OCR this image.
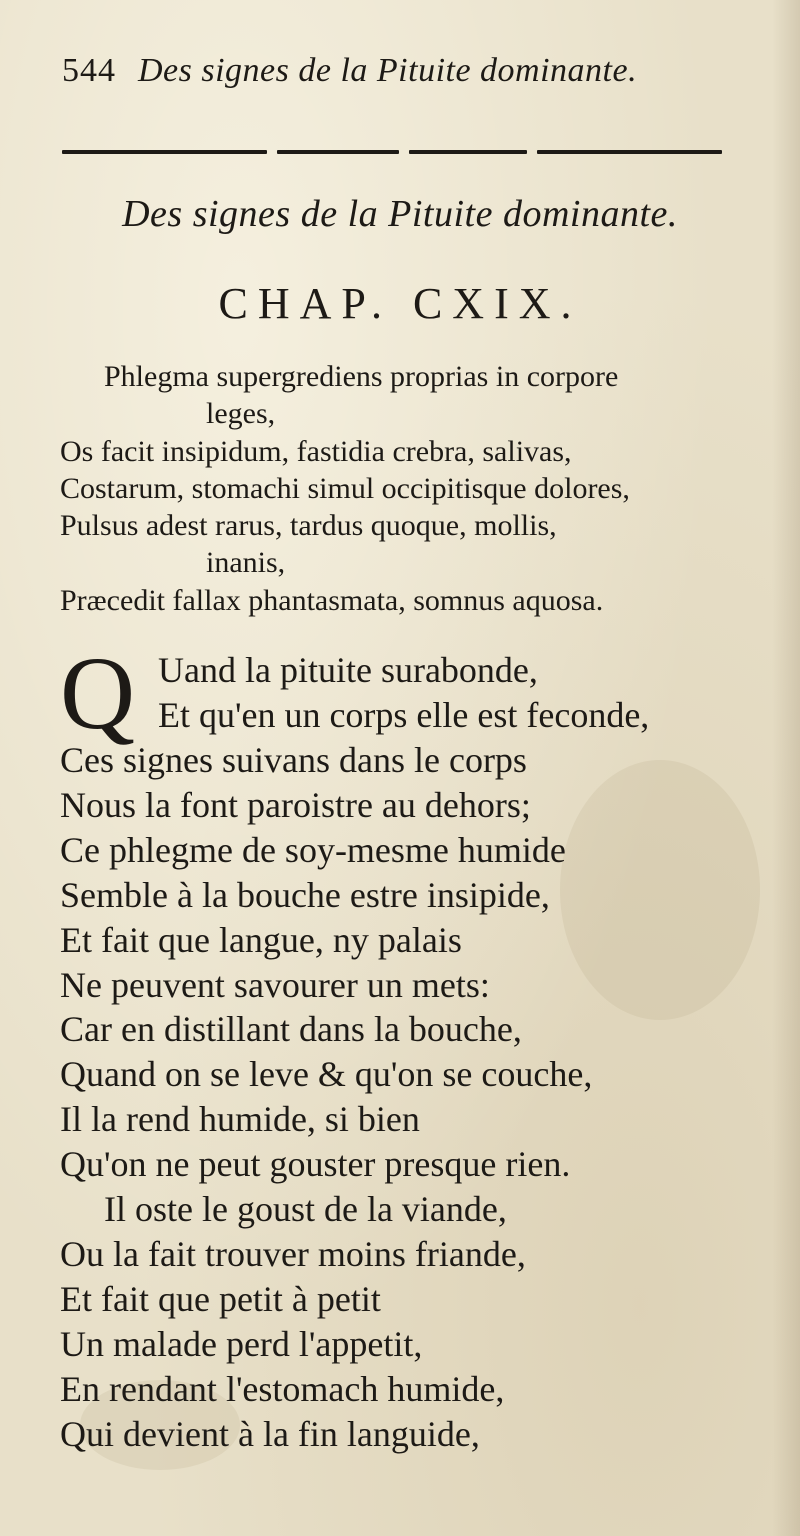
544 Des signes de la Pituite dominante.
Des signes de la Pituite dominante.
CHAP. CXIX.
Phlegma supergrediens proprias in corpore
leges,
Os facit insipidum, fastidia crebra, salivas,
Costarum, stomachi simul occipitisque dolores,
Pulsus adest rarus, tardus quoque, mollis,
inanis,
Præcedit fallax phantasmata, somnus aquosa.
Q Uand la pituite surabonde,
Et qu'en un corps elle est feconde,
Ces signes suivans dans le corps
Nous la font paroistre au dehors;
Ce phlegme de soy-mesme humide
Semble à la bouche estre insipide,
Et fait que langue, ny palais
Ne peuvent savourer un mets:
Car en distillant dans la bouche,
Quand on se leve & qu'on se couche,
Il la rend humide, si bien
Qu'on ne peut gouster presque rien.
Il oste le goust de la viande,
Ou la fait trouver moins friande,
Et fait que petit à petit
Un malade perd l'appetit,
En rendant l'estomach humide,
Qui devient à la fin languide,
